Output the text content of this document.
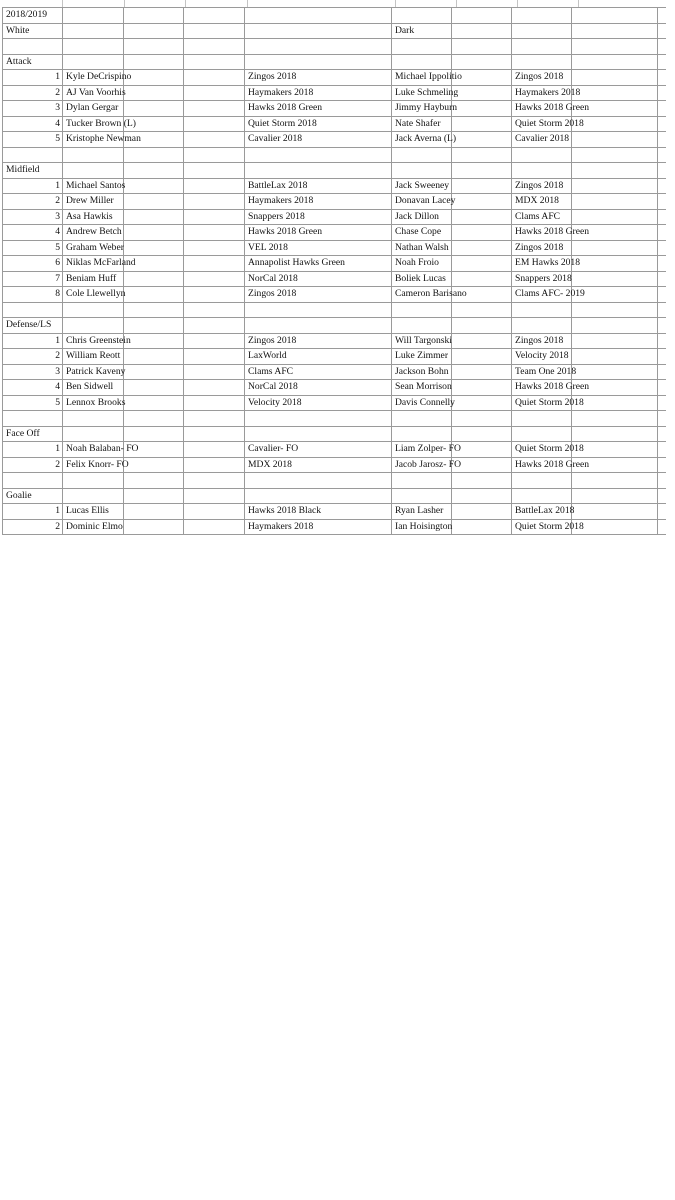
2018/2019
White	Dark
Attack
1 Kyle DeCrispino	Zingos 2018	Michael Ippolitio	Zingos 2018
2 AJ Van Voorhis	Haymakers 2018	Luke Schmeling	Haymakers 2018
3 Dylan Gergar	Hawks 2018 Green	Jimmy Hayburn	Hawks 2018 Green
4 Tucker Brown (L)	Quiet Storm 2018	Nate Shafer	Quiet Storm 2018
5 Kristophe Newman	Cavalier 2018	Jack Averna (L)	Cavalier 2018
Midfield
1 Michael Santos	BattleLax 2018	Jack Sweeney	Zingos 2018
2 Drew Miller	Haymakers 2018	Donavan Lacey	MDX 2018
3 Asa Hawkis	Snappers 2018	Jack Dillon	Clams AFC
4 Andrew Betch	Hawks 2018 Green	Chase Cope	Hawks 2018 Green
5 Graham Weber	VEL 2018	Nathan Walsh	Zingos 2018
6 Niklas McFarland	Annapolist Hawks Green	Noah Froio	EM Hawks 2018
7 Beniam Huff	NorCal 2018	Boliek Lucas	Snappers 2018
8 Cole Llewellyn	Zingos 2018	Cameron Barisano	Clams AFC- 2019
Defense/LS
1 Chris Greenstein	Zingos 2018	Will Targonski	Zingos 2018
2 William Reott	LaxWorld	Luke Zimmer	Velocity 2018
3 Patrick Kaveny	Clams AFC	Jackson Bohn	Team One 2018
4 Ben Sidwell	NorCal 2018	Sean Morrison	Hawks 2018 Green
5 Lennox Brooks	Velocity 2018	Davis Connelly	Quiet Storm 2018
Face Off
1 Noah Balaban- FO	Cavalier- FO	Liam Zolper- FO	Quiet Storm 2018
2 Felix Knorr- FO	MDX 2018	Jacob Jarosz- FO	Hawks 2018 Green
Goalie
1 Lucas Ellis	Hawks 2018 Black	Ryan Lasher	BattleLax 2018
2 Dominic Elmo	Haymakers 2018	Ian Hoisington	Quiet Storm 2018
